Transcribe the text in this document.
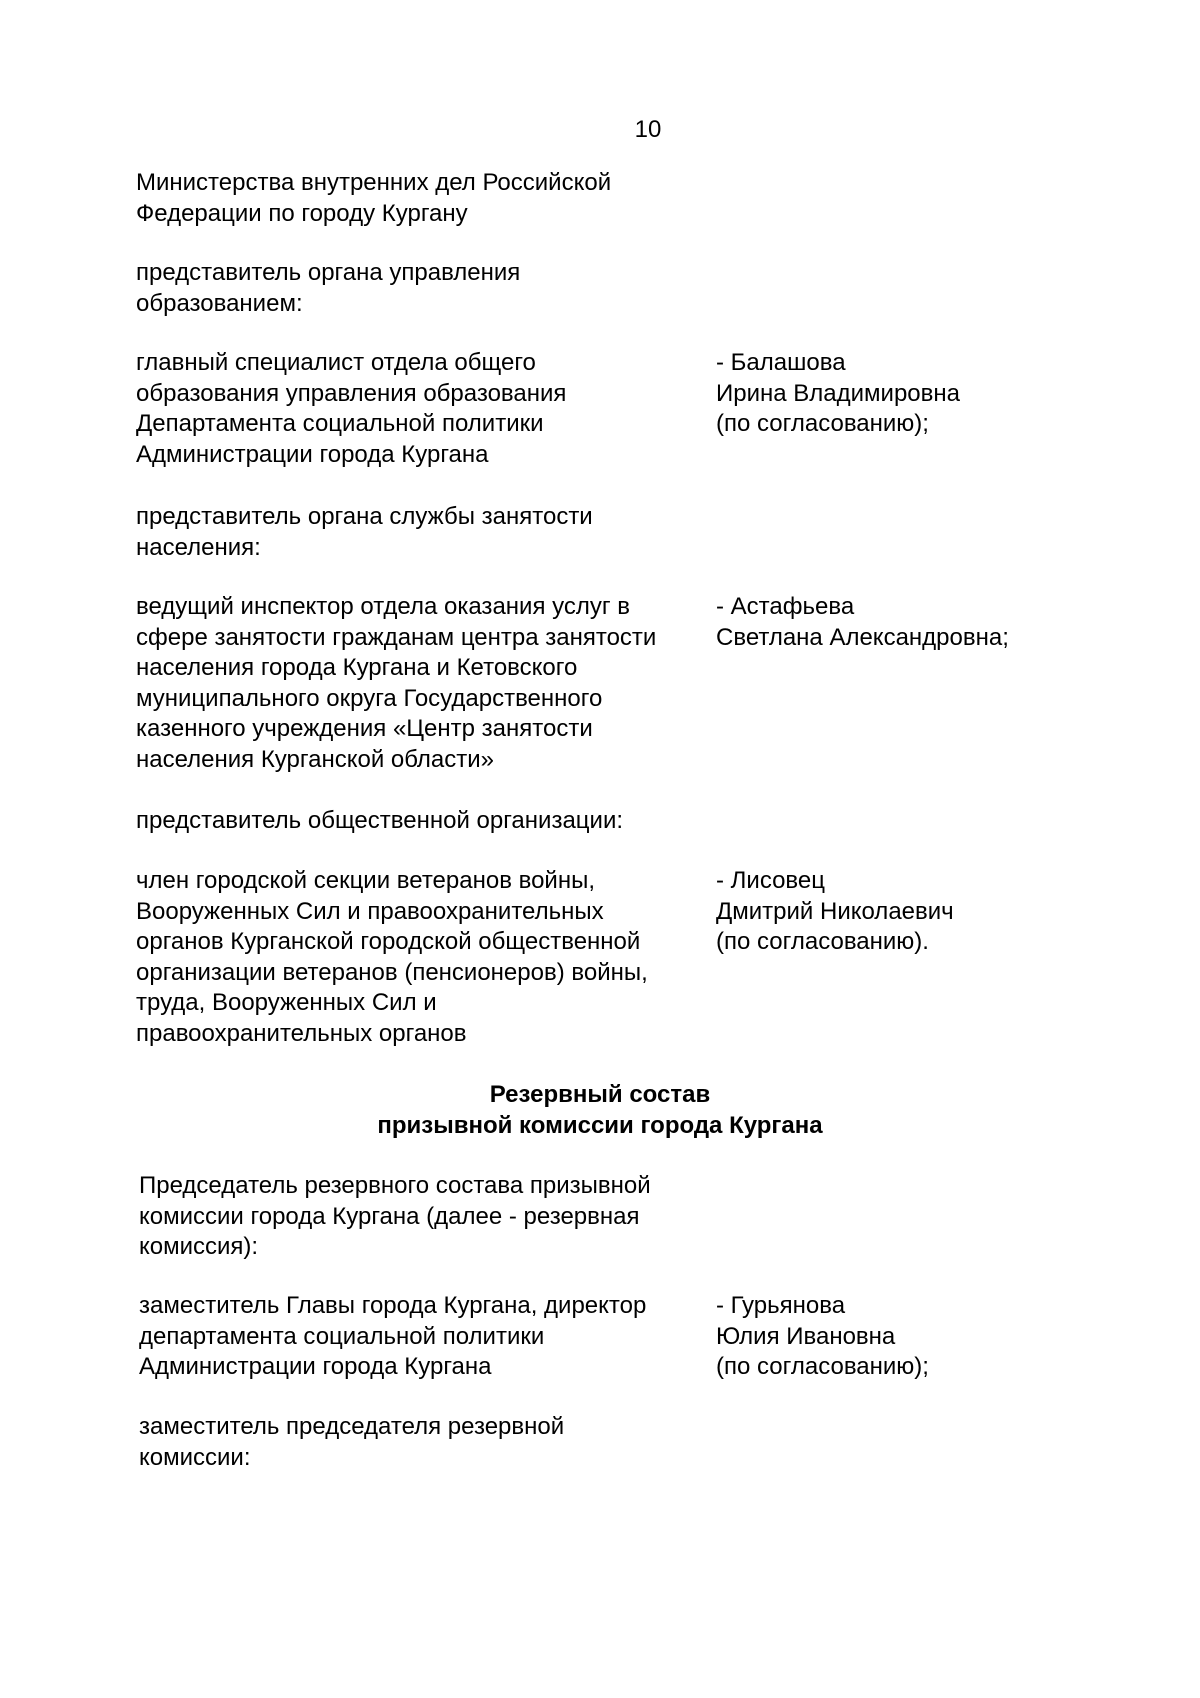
10
Министерства внутренних дел Российской
Федерации по городу Кургану
представитель органа управления
образованием:
главный специалист отдела общего
образования управления образования
Департамента социальной политики
Администрации города Кургана
- Балашова
Ирина Владимировна
(по согласованию);
представитель органа службы занятости
населения:
ведущий инспектор отдела оказания услуг в
сфере занятости гражданам центра занятости
населения города Кургана и Кетовского
муниципального округа Государственного
казенного учреждения «Центр занятости
населения Курганской области»
- Астафьева
Светлана Александровна;
представитель общественной организации:
член городской секции ветеранов войны,
Вооруженных Сил и правоохранительных
органов Курганской городской общественной
организации ветеранов (пенсионеров) войны,
труда, Вооруженных Сил и
правоохранительных органов
- Лисовец
Дмитрий Николаевич
(по согласованию).
Резервный состав
призывной комиссии города Кургана
Председатель резервного состава призывной
комиссии города Кургана (далее - резервная
комиссия):
заместитель Главы города Кургана, директор
департамента социальной политики
Администрации города Кургана
- Гурьянова
Юлия Ивановна
(по согласованию);
заместитель председателя резервной
комиссии:
